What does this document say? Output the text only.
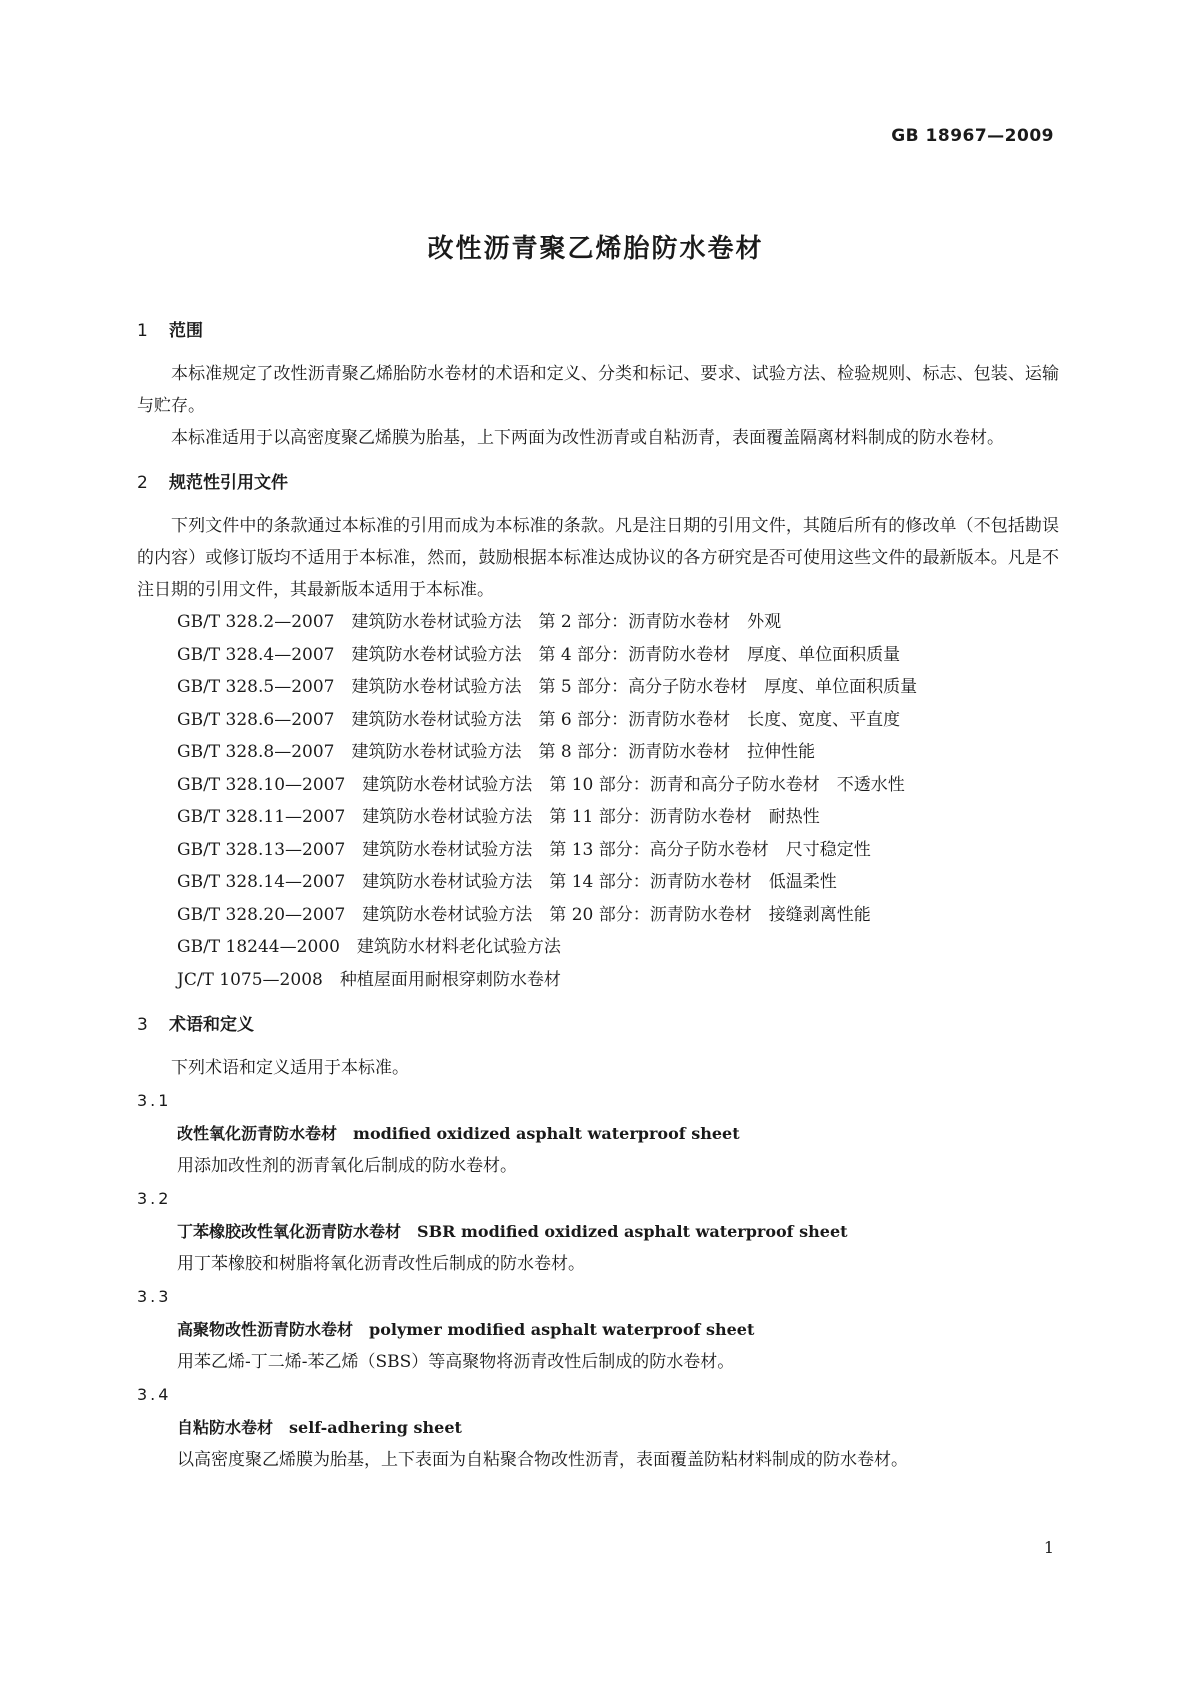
GB 18967—2009
改性沥青聚乙烯胎防水卷材
1	范围

本标准规定了改性沥青聚乙烯胎防水卷材的术语和定义、分类和标记、要求、试验方法、检验规则、标志、包装、运输与贮存。

本标准适用于以高密度聚乙烯膜为胎基，上下两面为改性沥青或自粘沥青，表面覆盖隔离材料制成的防水卷材。

2	规范性引用文件

下列文件中的条款通过本标准的引用而成为本标准的条款。凡是注日期的引用文件，其随后所有的修改单（不包括勘误的内容）或修订版均不适用于本标准，然而，鼓励根据本标准达成协议的各方研究是否可使用这些文件的最新版本。凡是不注日期的引用文件，其最新版本适用于本标准。

GB/T 328.2—2007　建筑防水卷材试验方法　第 2 部分：沥青防水卷材　外观
GB/T 328.4—2007　建筑防水卷材试验方法　第 4 部分：沥青防水卷材　厚度、单位面积质量
GB/T 328.5—2007　建筑防水卷材试验方法　第 5 部分：高分子防水卷材　厚度、单位面积质量
GB/T 328.6—2007　建筑防水卷材试验方法　第 6 部分：沥青防水卷材　长度、宽度、平直度
GB/T 328.8—2007　建筑防水卷材试验方法　第 8 部分：沥青防水卷材　拉伸性能
GB/T 328.10—2007　建筑防水卷材试验方法　第 10 部分：沥青和高分子防水卷材　不透水性
GB/T 328.11—2007　建筑防水卷材试验方法　第 11 部分：沥青防水卷材　耐热性
GB/T 328.13—2007　建筑防水卷材试验方法　第 13 部分：高分子防水卷材　尺寸稳定性
GB/T 328.14—2007　建筑防水卷材试验方法　第 14 部分：沥青防水卷材　低温柔性
GB/T 328.20—2007　建筑防水卷材试验方法　第 20 部分：沥青防水卷材　接缝剥离性能
GB/T 18244—2000　建筑防水材料老化试验方法
JC/T 1075—2008　种植屋面用耐根穿刺防水卷材
3	术语和定义

下列术语和定义适用于本标准。

3.1
改性氧化沥青防水卷材 modified oxidized asphalt waterproof sheet
用添加改性剂的沥青氧化后制成的防水卷材。
3.2
丁苯橡胶改性氧化沥青防水卷材 SBR modified oxidized asphalt waterproof sheet
用丁苯橡胶和树脂将氧化沥青改性后制成的防水卷材。
3.3
高聚物改性沥青防水卷材 polymer modified asphalt waterproof sheet
用苯乙烯-丁二烯-苯乙烯（SBS）等高聚物将沥青改性后制成的防水卷材。
3.4
自粘防水卷材 self-adhering sheet
以高密度聚乙烯膜为胎基，上下表面为自粘聚合物改性沥青，表面覆盖防粘材料制成的防水卷材。
1
